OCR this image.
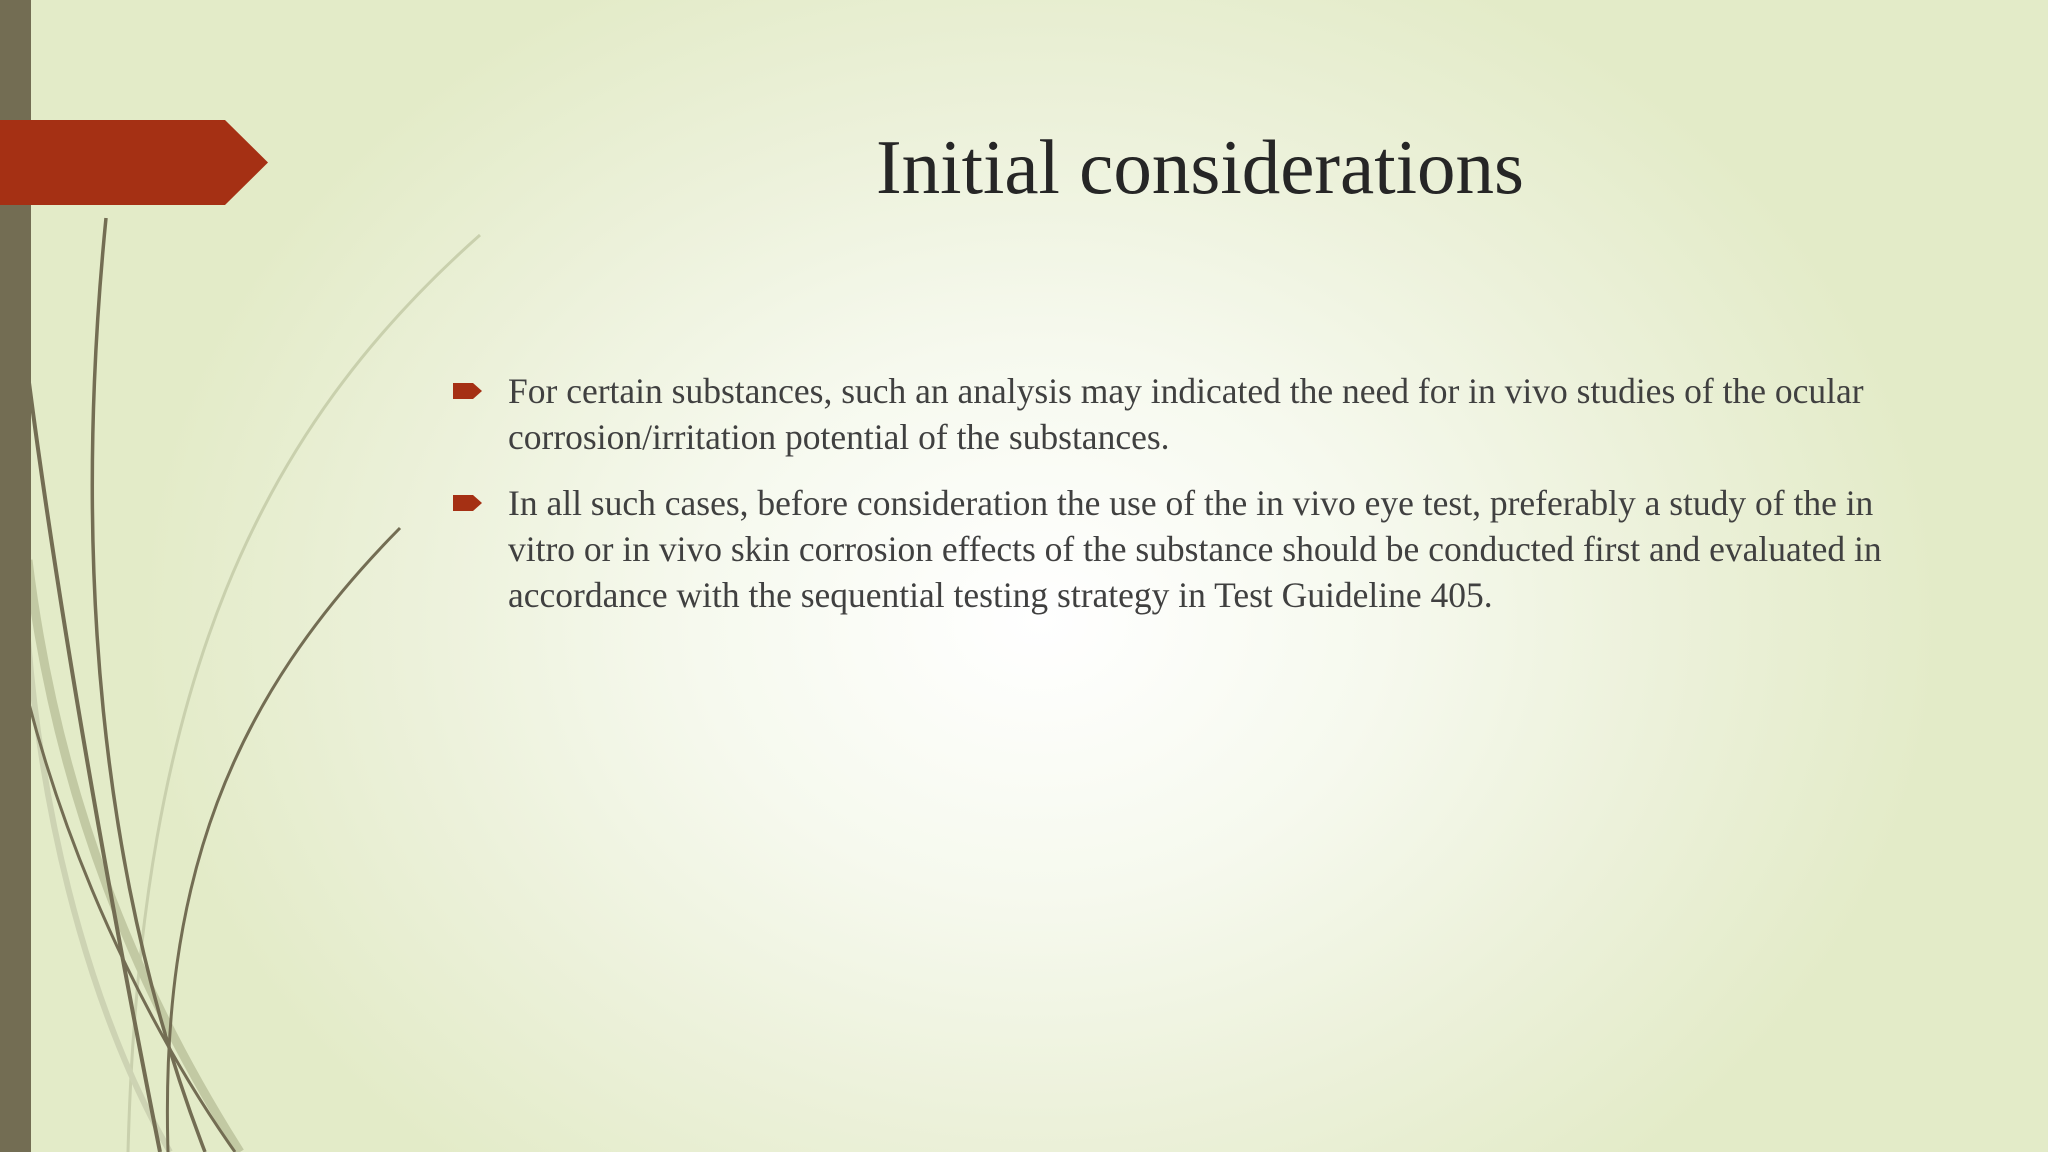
Initial considerations
For certain substances, such an analysis may indicated the need for in vivo studies of the ocular corrosion/irritation potential of the substances.
In all such cases, before consideration the use of the in vivo eye test, preferably a study of the in vitro or in vivo skin corrosion effects of the substance should be conducted first and evaluated in accordance with the sequential testing strategy in Test Guideline 405.
